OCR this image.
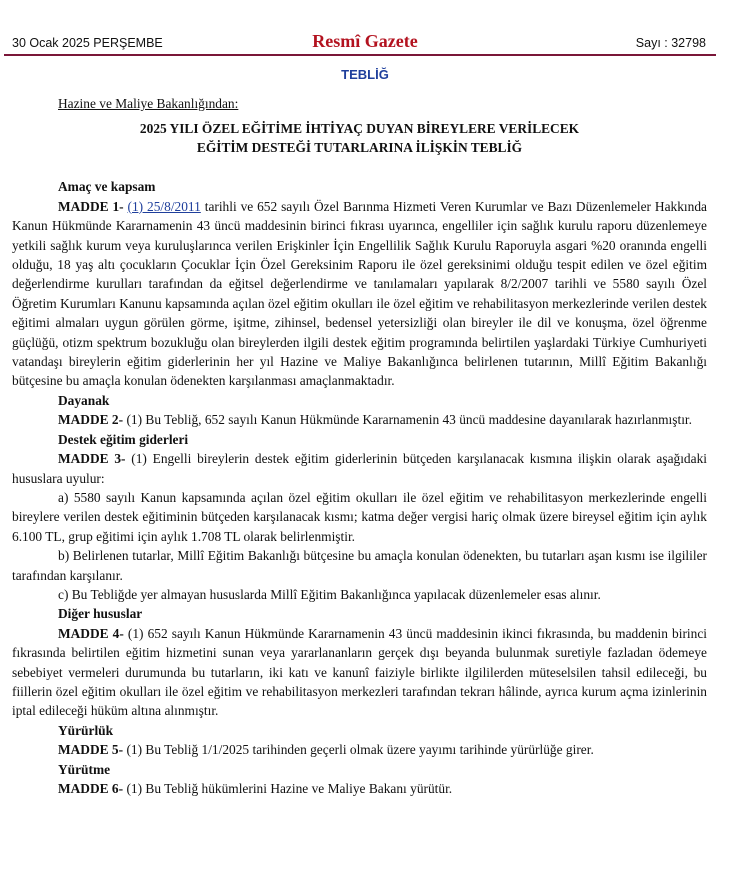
30 Ocak 2025 PERŞEMBE	Resmî Gazete	Sayı : 32798
TEBLİĞ

Hazine ve Maliye Bakanlığından:

2025 YILI ÖZEL EĞİTİME İHTİYAÇ DUYAN BİREYLERE VERİLECEK
EĞİTİM DESTEĞİ TUTARLARINA İLİŞKİN TEBLİĞ
Amaç ve kapsam

MADDE 1- (1) 25/8/2011 tarihli ve 652 sayılı Özel Barınma Hizmeti Veren Kurumlar ve Bazı Düzenlemeler Hakkında Kanun Hükmünde Kararnamenin 43 üncü maddesinin birinci fıkrası uyarınca, engelliler için sağlık kurulu raporu düzenlemeye yetkili sağlık kurum veya kuruluşlarınca verilen Erişkinler İçin Engellilik Sağlık Kurulu Raporuyla asgari %20 oranında engelli olduğu, 18 yaş altı çocukların Çocuklar İçin Özel Gereksinim Raporu ile özel gereksinimi olduğu tespit edilen ve özel eğitim değerlendirme kurulları tarafından da eğitsel değerlendirme ve tanılamaları yapılarak 8/2/2007 tarihli ve 5580 sayılı Özel Öğretim Kurumları Kanunu kapsamında açılan özel eğitim okulları ile özel eğitim ve rehabilitasyon merkezlerinde verilen destek eğitimi almaları uygun görülen görme, işitme, zihinsel, bedensel yetersizliği olan bireyler ile dil ve konuşma, özel öğrenme güçlüğü, otizm spektrum bozukluğu olan bireylerden ilgili destek eğitim programında belirtilen yaşlardaki Türkiye Cumhuriyeti vatandaşı bireylerin eğitim giderlerinin her yıl Hazine ve Maliye Bakanlığınca belirlenen tutarının, Millî Eğitim Bakanlığı bütçesine bu amaçla konulan ödenekten karşılanması amaçlanmaktadır.

Dayanak

MADDE 2- (1) Bu Tebliğ, 652 sayılı Kanun Hükmünde Kararnamenin 43 üncü maddesine dayanılarak hazırlanmıştır.

Destek eğitim giderleri

MADDE 3- (1) Engelli bireylerin destek eğitim giderlerinin bütçeden karşılanacak kısmına ilişkin olarak aşağıdaki hususlara uyulur:

a) 5580 sayılı Kanun kapsamında açılan özel eğitim okulları ile özel eğitim ve rehabilitasyon merkezlerinde engelli bireylere verilen destek eğitiminin bütçeden karşılanacak kısmı; katma değer vergisi hariç olmak üzere bireysel eğitim için aylık 6.100 TL, grup eğitimi için aylık 1.708 TL olarak belirlenmiştir.

b) Belirlenen tutarlar, Millî Eğitim Bakanlığı bütçesine bu amaçla konulan ödenekten, bu tutarları aşan kısmı ise ilgililer tarafından karşılanır.

c) Bu Tebliğde yer almayan hususlarda Millî Eğitim Bakanlığınca yapılacak düzenlemeler esas alınır.

Diğer hususlar

MADDE 4- (1) 652 sayılı Kanun Hükmünde Kararnamenin 43 üncü maddesinin ikinci fıkrasında, bu maddenin birinci fıkrasında belirtilen eğitim hizmetini sunan veya yararlananların gerçek dışı beyanda bulunmak suretiyle fazladan ödemeye sebebiyet vermeleri durumunda bu tutarların, iki katı ve kanunî faiziyle birlikte ilgililerden müteselsilen tahsil edileceği, bu fiillerin özel eğitim okulları ile özel eğitim ve rehabilitasyon merkezleri tarafından tekrarı hâlinde, ayrıca kurum açma izinlerinin iptal edileceği hüküm altına alınmıştır.

Yürürlük

MADDE 5- (1) Bu Tebliğ 1/1/2025 tarihinden geçerli olmak üzere yayımı tarihinde yürürlüğe girer.

Yürütme

MADDE 6- (1) Bu Tebliğ hükümlerini Hazine ve Maliye Bakanı yürütür.
